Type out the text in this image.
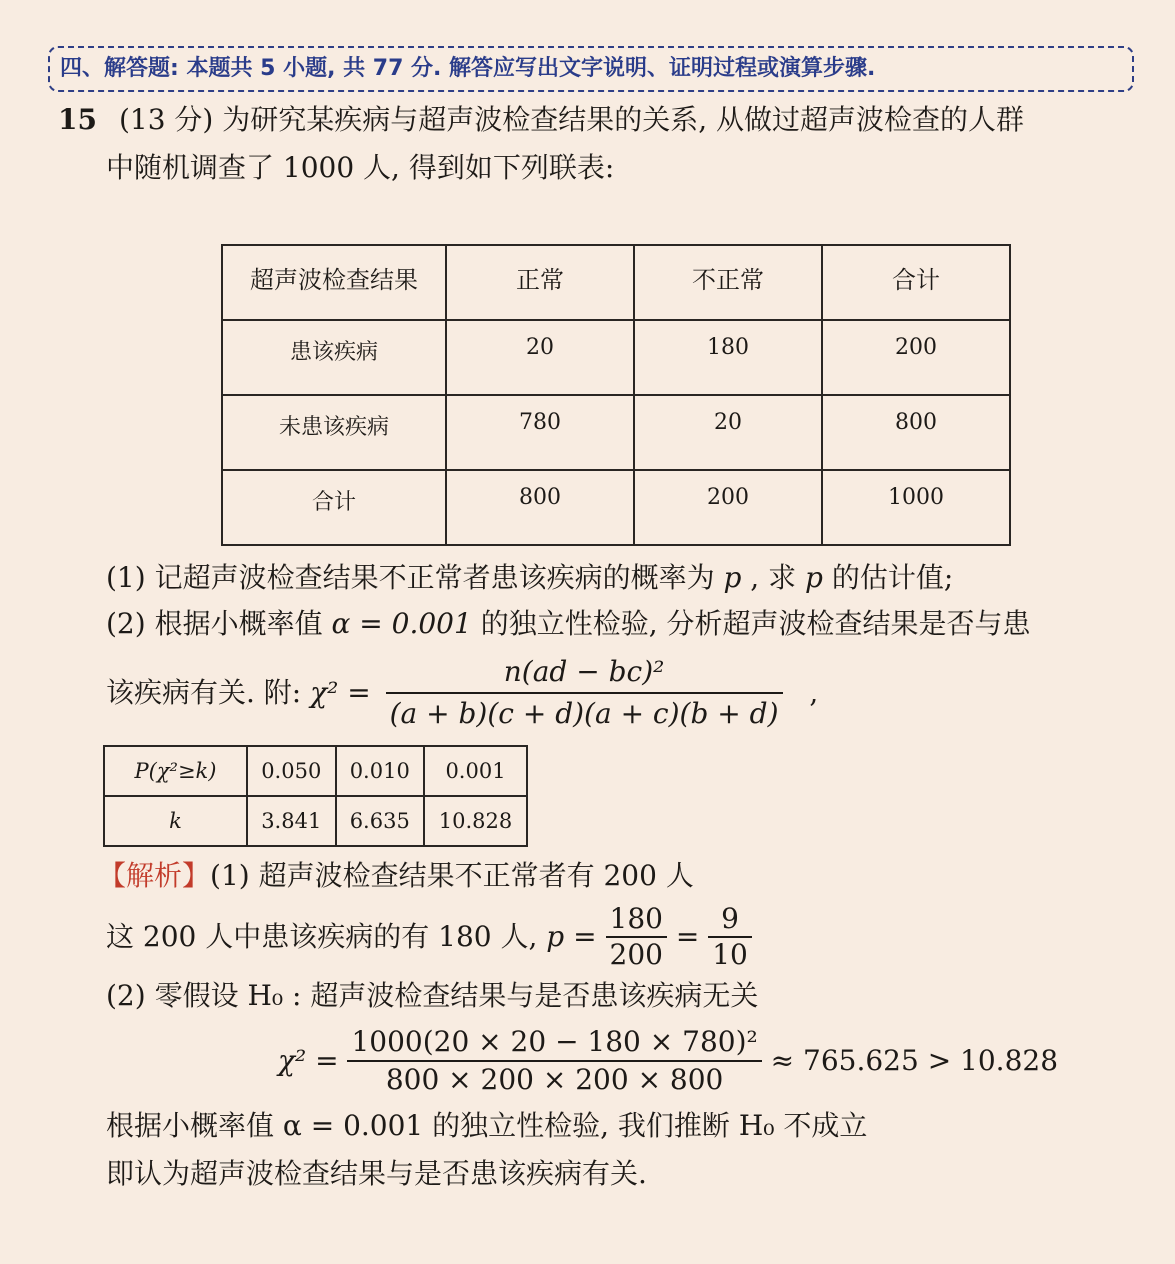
四、解答题: 本题共 5 小题, 共 77 分. 解答应写出文字说明、证明过程或演算步骤.
15 (13 分) 为研究某疾病与超声波检查结果的关系, 从做过超声波检查的人群
中随机调查了 1000 人, 得到如下列联表:
超声波检查结果	正常	不正常	合计
患该疾病	20	180	200
未患该疾病	780	20	800
合计	800	200	1000
(1) 记超声波检查结果不正常者患该疾病的概率为 p , 求 p 的估计值;
(2) 根据小概率值 α = 0.001 的独立性检验, 分析超声波检查结果是否与患
该疾病有关. 附: $\chi^2 = \frac{\text{n(ad − bc)²}}{(a + b)(c + d)(a + c)(b + d)}$ ,
P(χ²≥k)	0.050	0.010	0.001
k	3.841	6.635	10.828
【解析】(1) 超声波检查结果不正常者有 200 人
这 200 人中患该疾病的有 180 人, $p = \frac{180}{200} = \frac{9}{10}$
(2) 零假设 H₀ : 超声波检查结果与是否患该疾病无关
$\chi^2 = \frac{\text{1000(20 × 20 − 180 × 780)²}}{800 \times 200 \times 200 \times 800} \approx 765.625 > 10.828$
根据小概率值 α = 0.001 的独立性检验, 我们推断 H₀ 不成立
即认为超声波检查结果与是否患该疾病有关.
